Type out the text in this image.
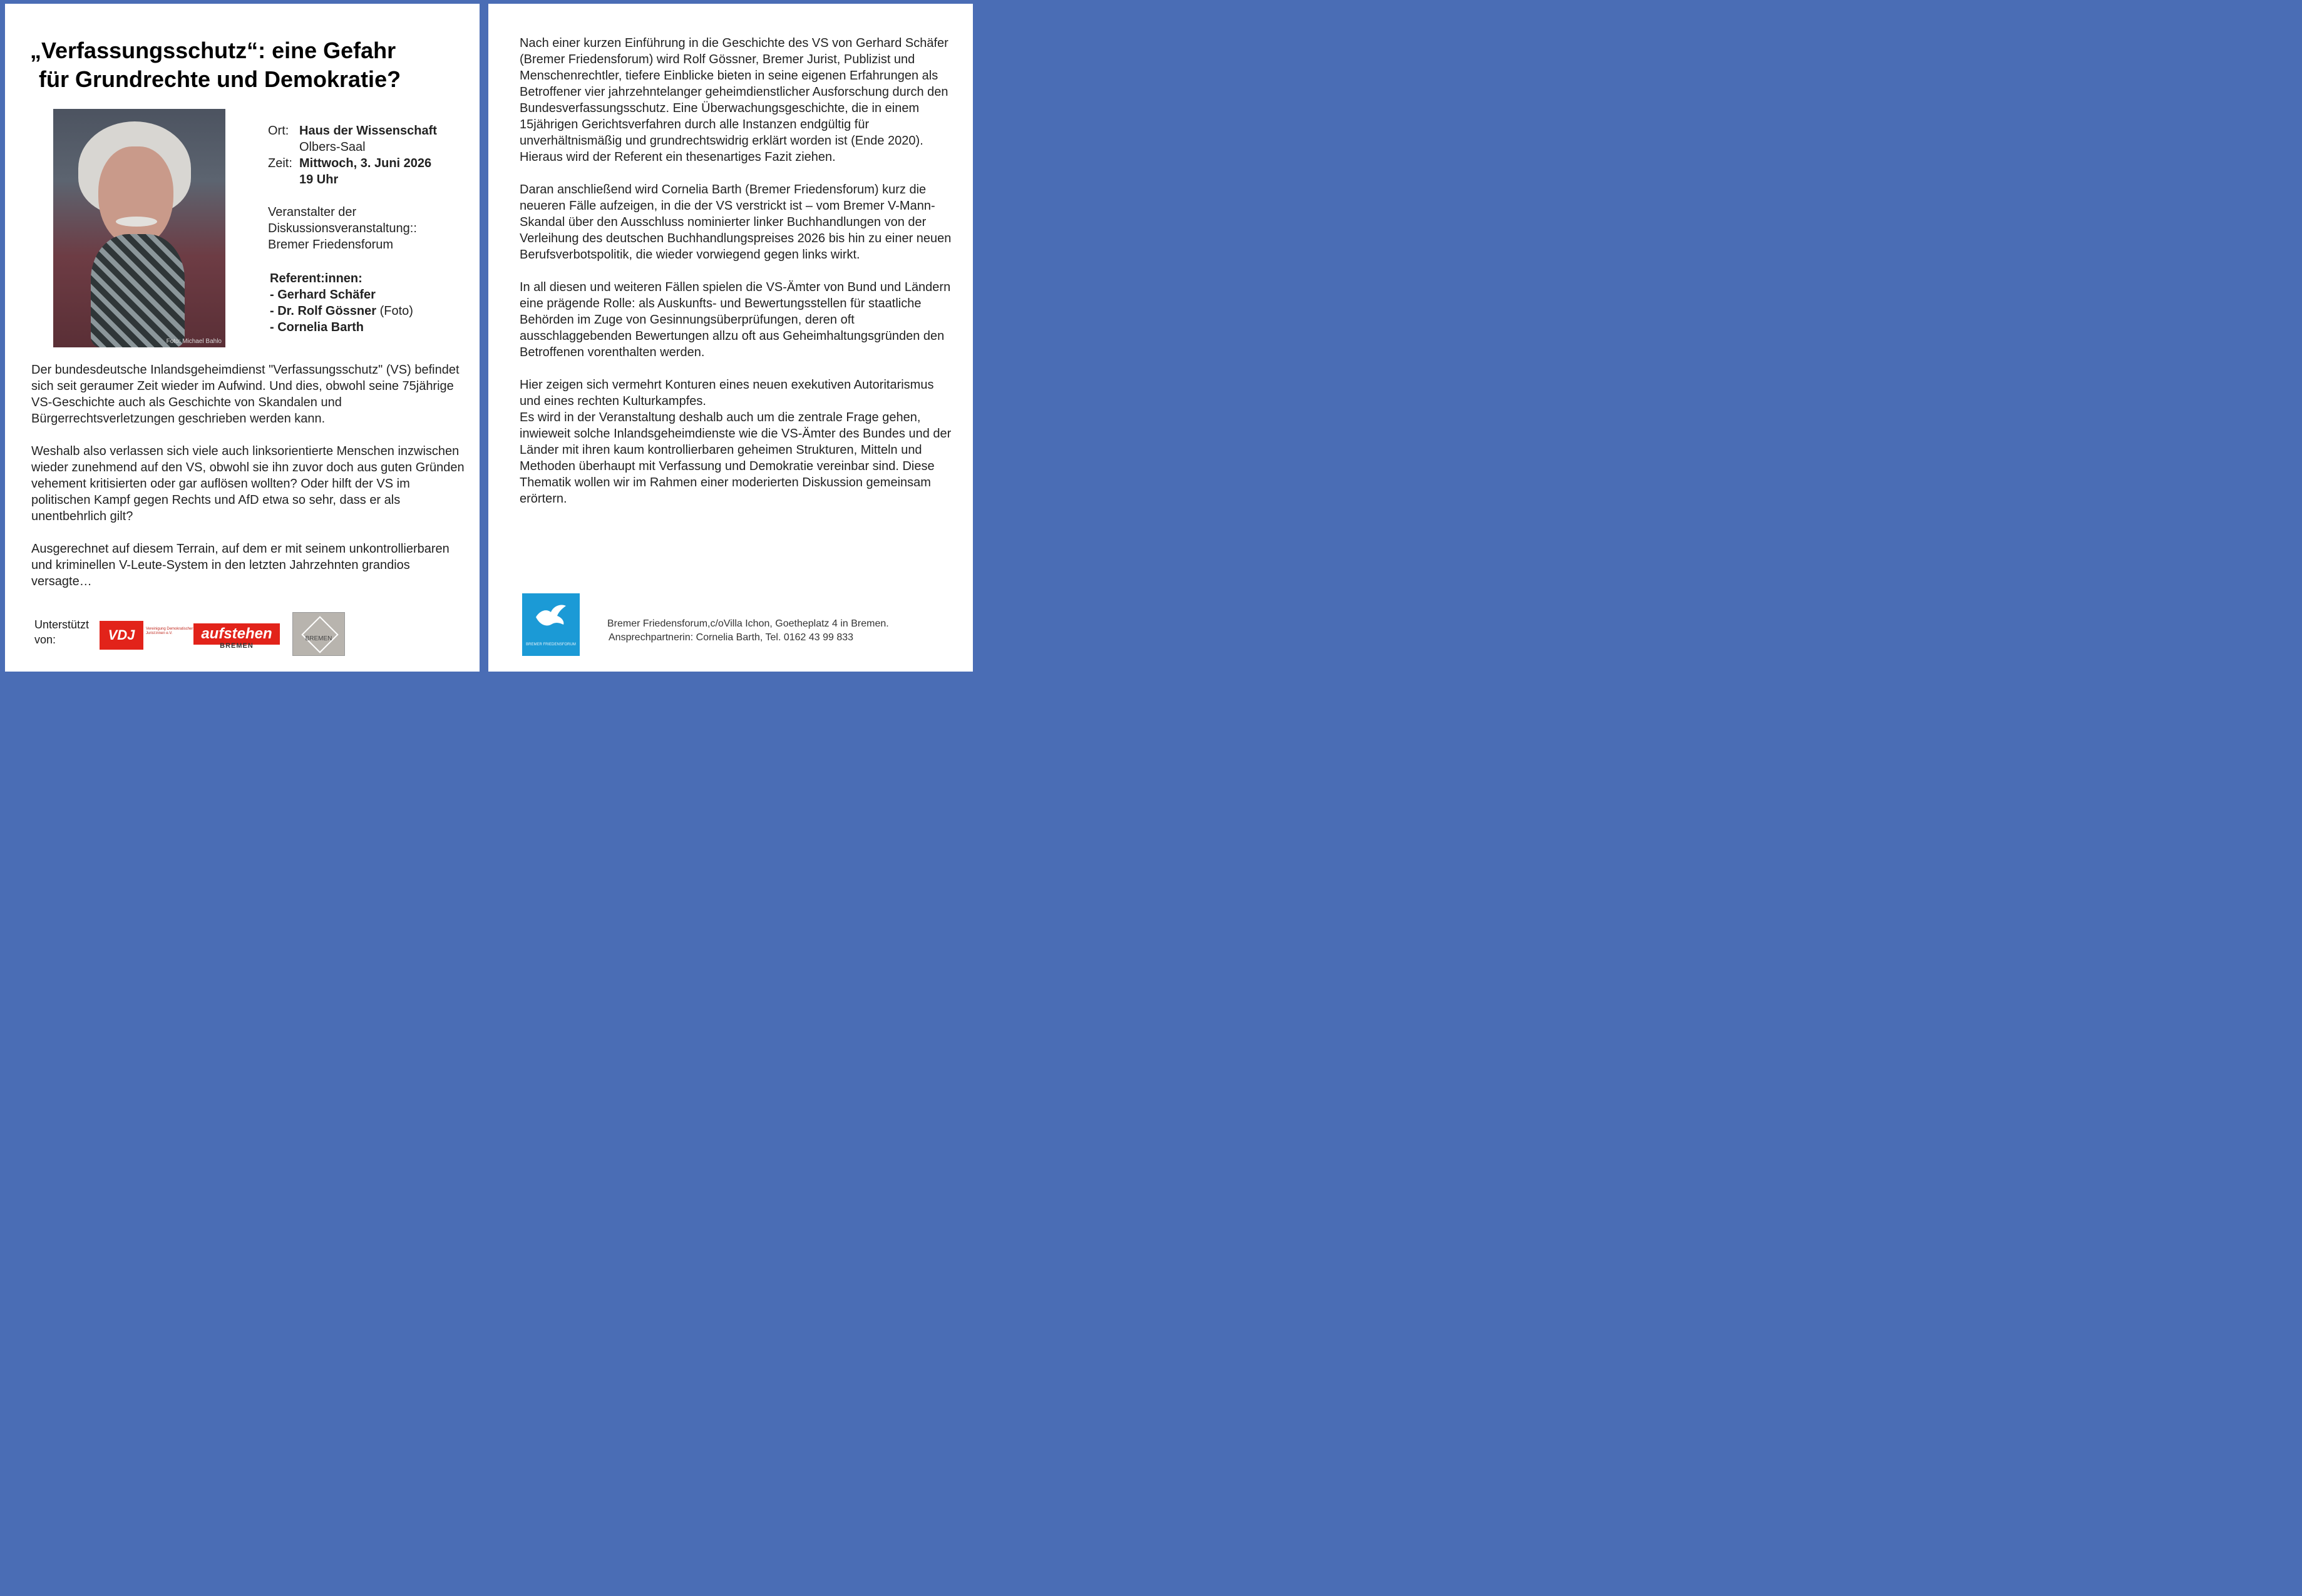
„Verfassungsschutz“: eine Gefahr
für Grundrechte und Demokratie?
Foto: Michael Bahlo
Ort: Haus der Wissenschaft
Olbers-Saal
Zeit: Mittwoch, 3. Juni 2026
19 Uhr
Veranstalter der
Diskussionsveranstaltung::
Bremer Friedensforum
Referent:innen:
- Gerhard Schäfer
- Dr. Rolf Gössner (Foto)
- Cornelia Barth

Der bundesdeutsche Inlandsgeheimdienst "Verfassungsschutz" (VS) befindet sich seit geraumer Zeit wieder im Aufwind. Und dies, obwohl seine 75jährige VS-Geschichte auch als Geschichte von Skandalen und Bürgerrechtsverletzungen geschrieben werden kann.

Weshalb also verlassen sich viele auch linksorientierte Menschen inzwischen wieder zunehmend auf den VS, obwohl sie ihn zuvor doch aus guten Gründen vehement kritisierten oder gar auflösen wollten? Oder hilft der VS im politischen Kampf gegen Rechts und AfD etwa so sehr, dass er als unentbehrlich gilt?

Ausgerechnet auf diesem Terrain, auf dem er mit seinem unkontrollierbaren und kriminellen V-Leute-System in den letzten Jahrzehnten grandios versagte…

Unterstützt von:	VDJ	Vereinigung Demokratischer Jurist:innen e.V.	aufstehen
BREMEN
BREMEN

Nach einer kurzen Einführung in die Geschichte des VS von Gerhard Schäfer (Bremer Friedensforum) wird Rolf Gössner, Bremer Jurist, Publizist und Menschenrechtler, tiefere Einblicke bieten in seine eigenen Erfahrungen als Betroffener vier jahrzehntelanger geheimdienstlicher Ausforschung durch den Bundesverfassungsschutz. Eine Überwachungsgeschichte, die in einem 15jährigen Gerichtsverfahren durch alle Instanzen endgültig für unverhältnismäßig und grundrechtswidrig erklärt worden ist (Ende 2020). Hieraus wird der Referent ein thesenartiges Fazit ziehen.

Daran anschließend wird Cornelia Barth (Bremer Friedensforum) kurz die neueren Fälle aufzeigen, in die der VS verstrickt ist – vom Bremer V-Mann-Skandal über den Ausschluss nominierter linker Buchhandlungen von der Verleihung des deutschen Buchhandlungspreises 2026 bis hin zu einer neuen Berufsverbotspolitik, die wieder vorwiegend gegen links wirkt.

In all diesen und weiteren Fällen spielen die VS-Ämter von Bund und Ländern eine prägende Rolle: als Auskunfts- und Bewertungsstellen für staatliche Behörden im Zuge von Gesinnungsüberprüfungen, deren oft ausschlaggebenden Bewertungen allzu oft aus Geheimhaltungsgründen den Betroffenen vorenthalten werden.

Hier zeigen sich vermehrt Konturen eines neuen exekutiven Autoritarismus und eines rechten Kulturkampfes.
Es wird in der Veranstaltung deshalb auch um die zentrale Frage gehen, inwieweit solche Inlandsgeheimdienste wie die VS-Ämter des Bundes und der Länder mit ihren kaum kontrollierbaren geheimen Strukturen, Mitteln und Methoden überhaupt mit Verfassung und Demokratie vereinbar sind. Diese Thematik wollen wir im Rahmen einer moderierten Diskussion gemeinsam erörtern.

BREMER FRIEDENSFORUM
Bremer Friedensforum,c/oVilla Ichon, Goetheplatz 4 in Bremen.
Ansprechpartnerin: Cornelia Barth, Tel. 0162 43 99 833
